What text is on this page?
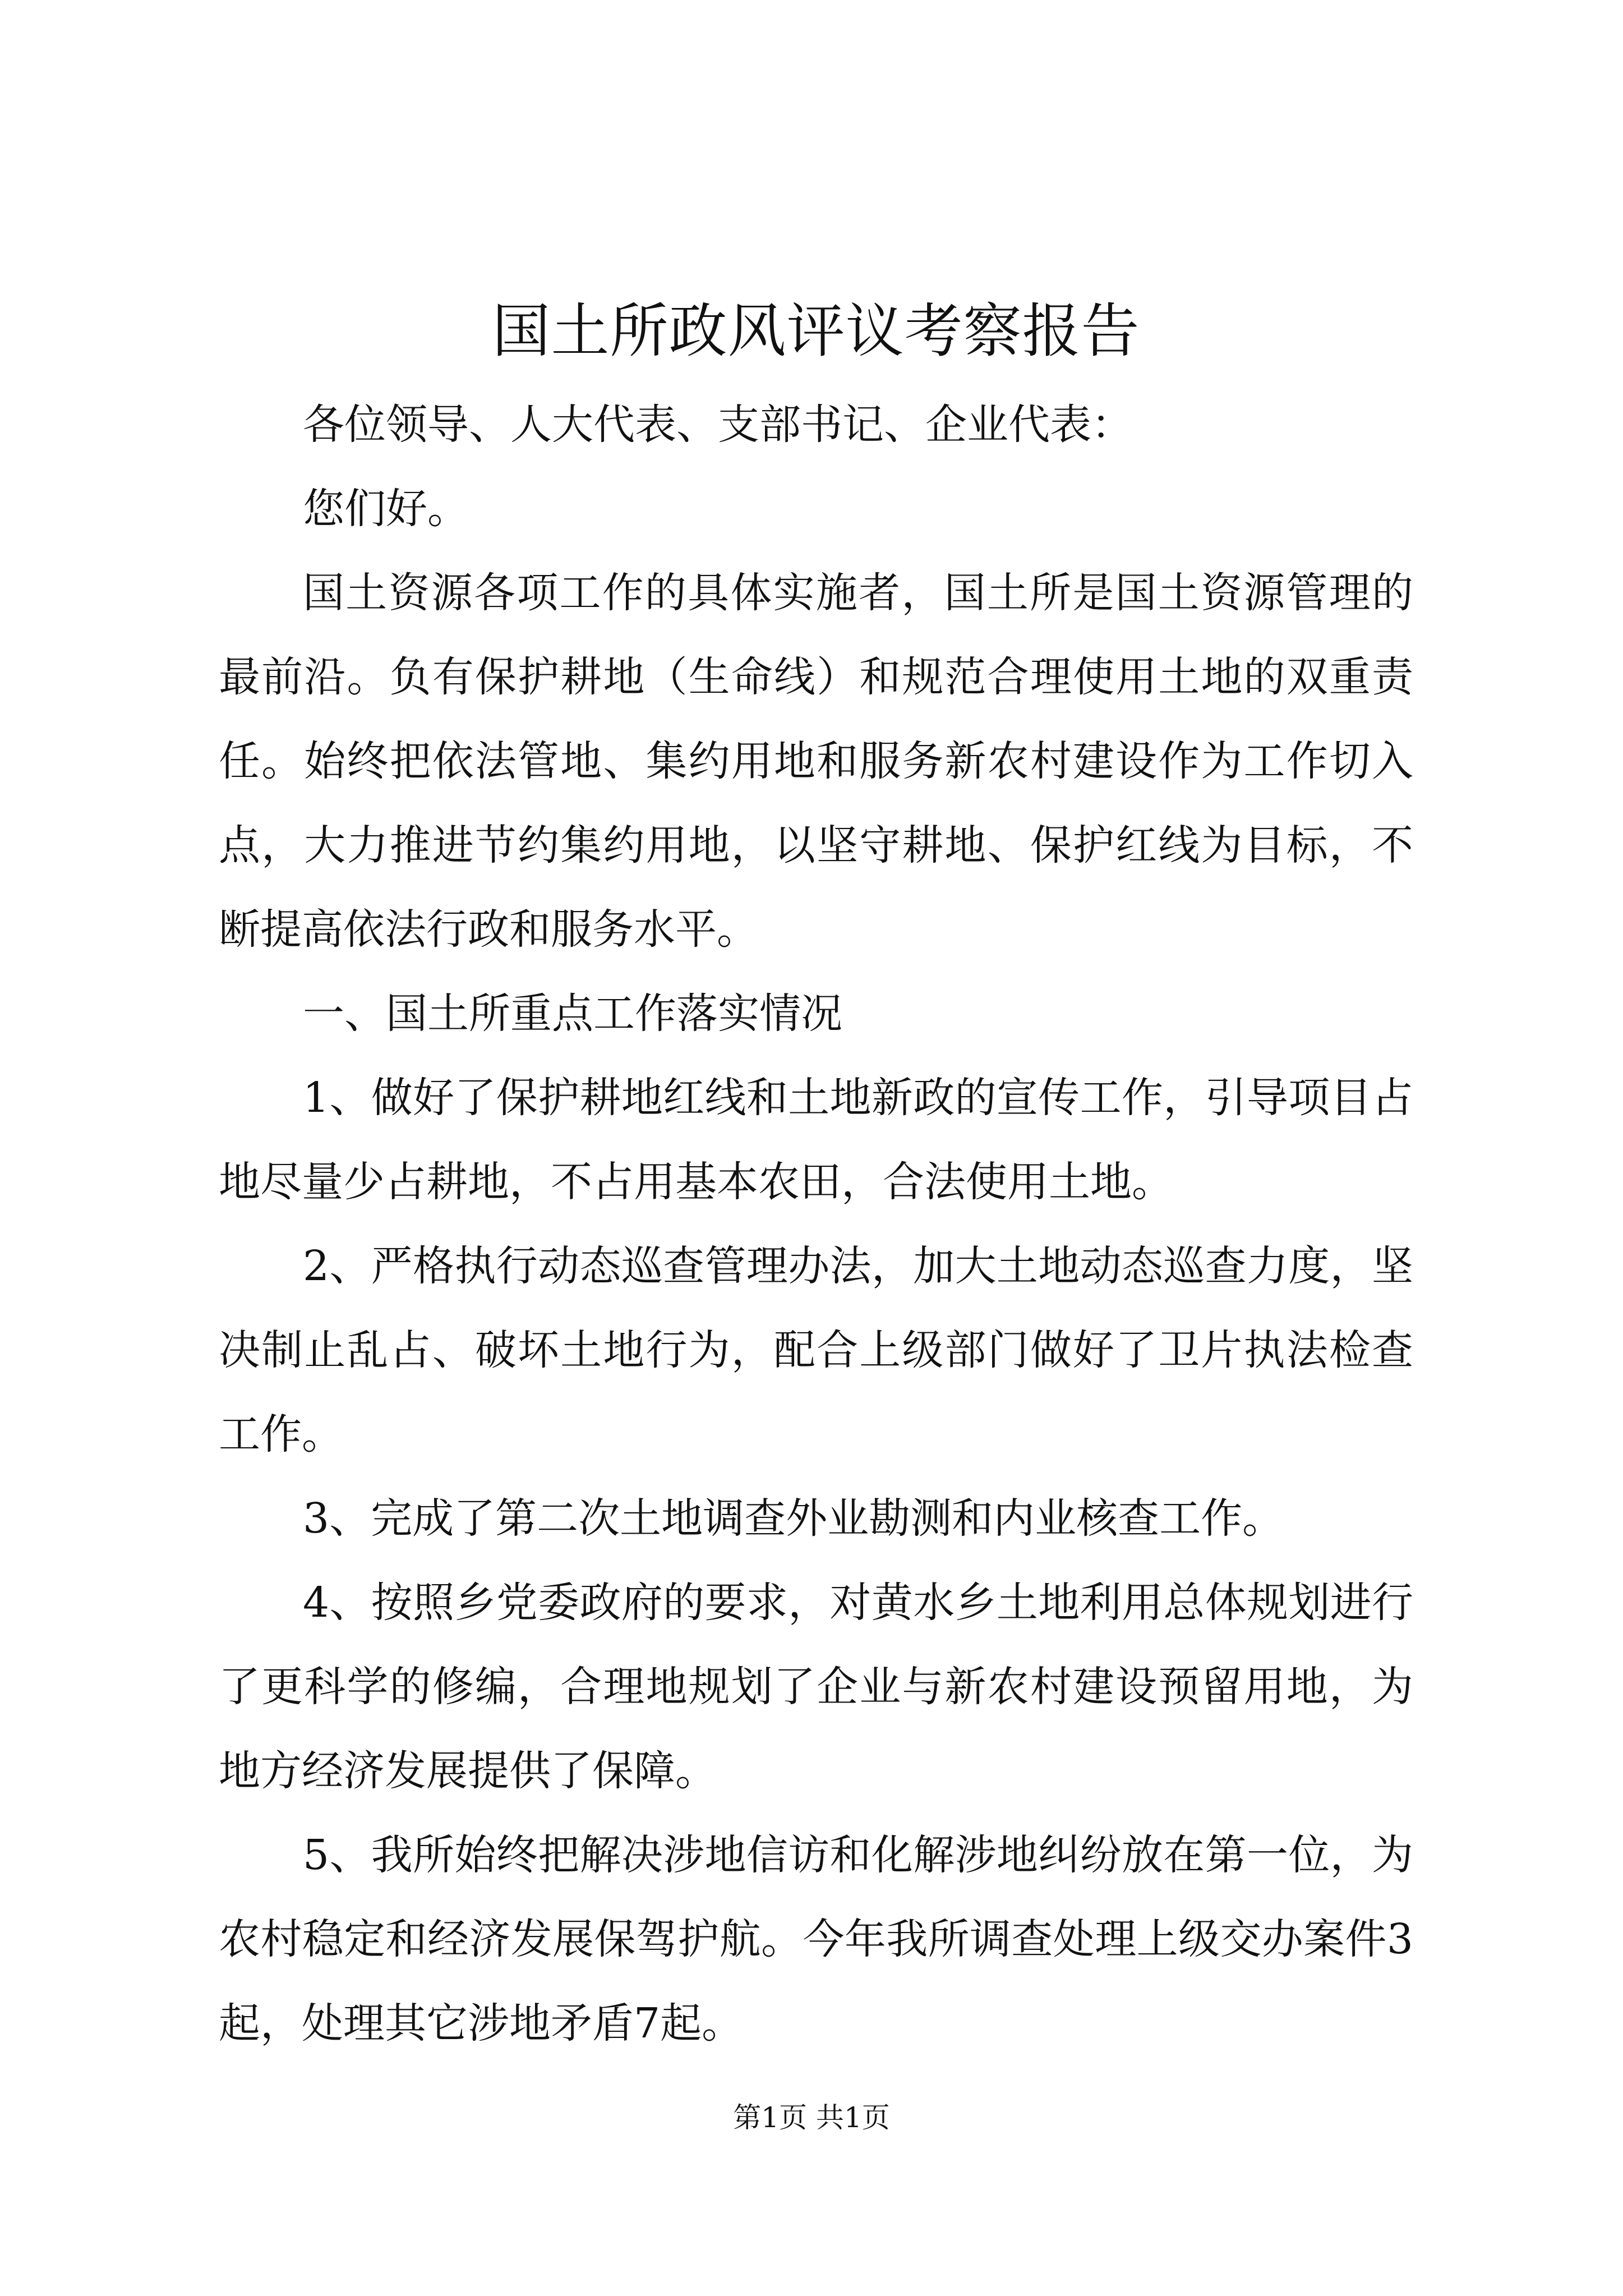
国土所政风评议考察报告

各位领导、人大代表、支部书记、企业代表：

您们好。

国土资源各项工作的具体实施者，国土所是国土资源管理的最前沿。负有保护耕地（生命线）和规范合理使用土地的双重责任。始终把依法管地、集约用地和服务新农村建设作为工作切入点，大力推进节约集约用地，以坚守耕地、保护红线为目标，不断提高依法行政和服务水平。

一、国土所重点工作落实情况

1、做好了保护耕地红线和土地新政的宣传工作，引导项目占地尽量少占耕地，不占用基本农田，合法使用土地。

2、严格执行动态巡查管理办法，加大土地动态巡查力度，坚决制止乱占、破坏土地行为，配合上级部门做好了卫片执法检查工作。

3、完成了第二次土地调查外业勘测和内业核查工作。

4、按照乡党委政府的要求，对黄水乡土地利用总体规划进行了更科学的修编，合理地规划了企业与新农村建设预留用地，为地方经济发展提供了保障。

5、我所始终把解决涉地信访和化解涉地纠纷放在第一位，为农村稳定和经济发展保驾护航。今年我所调查处理上级交办案件3起，处理其它涉地矛盾7起。

第1页 共1页
